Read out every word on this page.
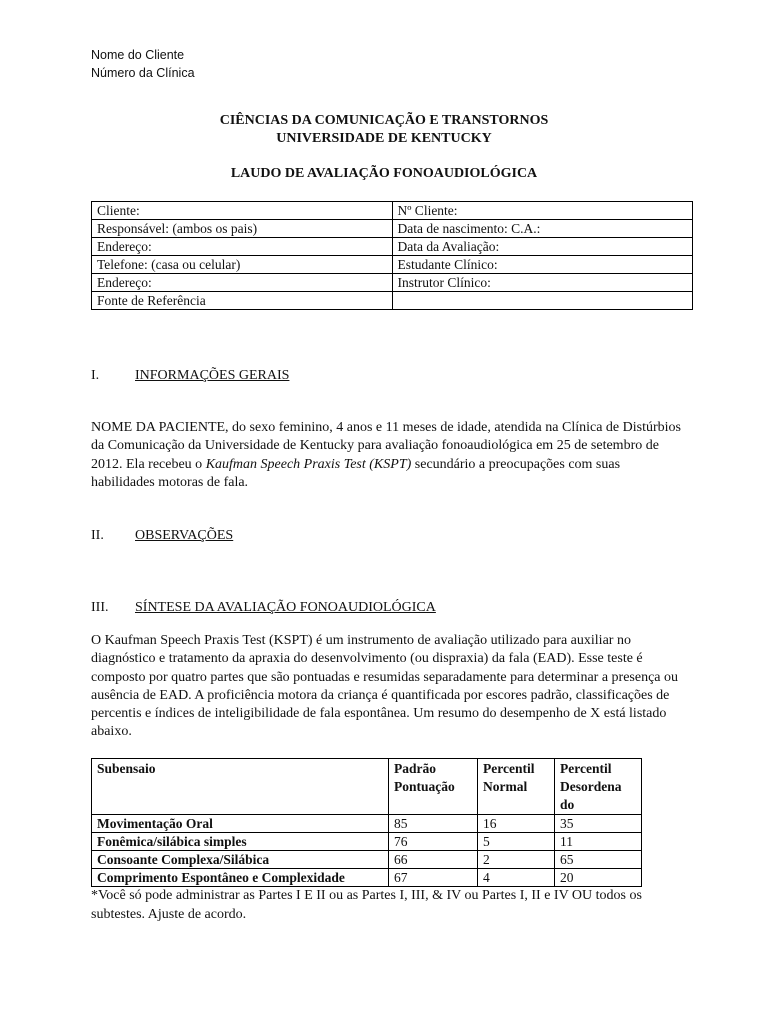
Nome do Cliente
Número da Clínica
CIÊNCIAS DA COMUNICAÇÃO E TRANSTORNOS
UNIVERSIDADE DE KENTUCKY
LAUDO DE AVALIAÇÃO FONOAUDIOLÓGICA
Cliente:	Nº Cliente:
Responsável: (ambos os pais)	Data de nascimento: C.A.:
Endereço:	Data da Avaliação:
Telefone: (casa ou celular)	Estudante Clínico:
Endereço:	Instrutor Clínico:
Fonte de Referência	
I.	INFORMAÇÕES GERAIS
NOME DA PACIENTE, do sexo feminino, 4 anos e 11 meses de idade, atendida na Clínica de Distúrbios da Comunicação da Universidade de Kentucky para avaliação fonoaudiológica em 25 de setembro de 2012. Ela recebeu o Kaufman Speech Praxis Test (KSPT) secundário a preocupações com suas habilidades motoras de fala.
II. OBSERVAÇÕES
III. SÍNTESE DA AVALIAÇÃO FONOAUDIOLÓGICA
O Kaufman Speech Praxis Test (KSPT) é um instrumento de avaliação utilizado para auxiliar no diagnóstico e tratamento da apraxia do desenvolvimento (ou dispraxia) da fala (EAD). Esse teste é composto por quatro partes que são pontuadas e resumidas separadamente para determinar a presença ou ausência de EAD. A proficiência motora da criança é quantificada por escores padrão, classificações de percentis e índices de inteligibilidade de fala espontânea. Um resumo do desempenho de X está listado abaixo.
Subensaio	Padrão Pontuação	Percentil Normal	Percentil Desordena do
Movimentação Oral	85	16	35
Fonêmica/silábica simples	76	5	11
Consoante Complexa/Silábica	66	2	65
Comprimento Espontâneo e Complexidade	67	4	20
*Você só pode administrar as Partes I E II ou as Partes I, III, & IV ou Partes I, II e IV OU todos os subtestes. Ajuste de acordo.
